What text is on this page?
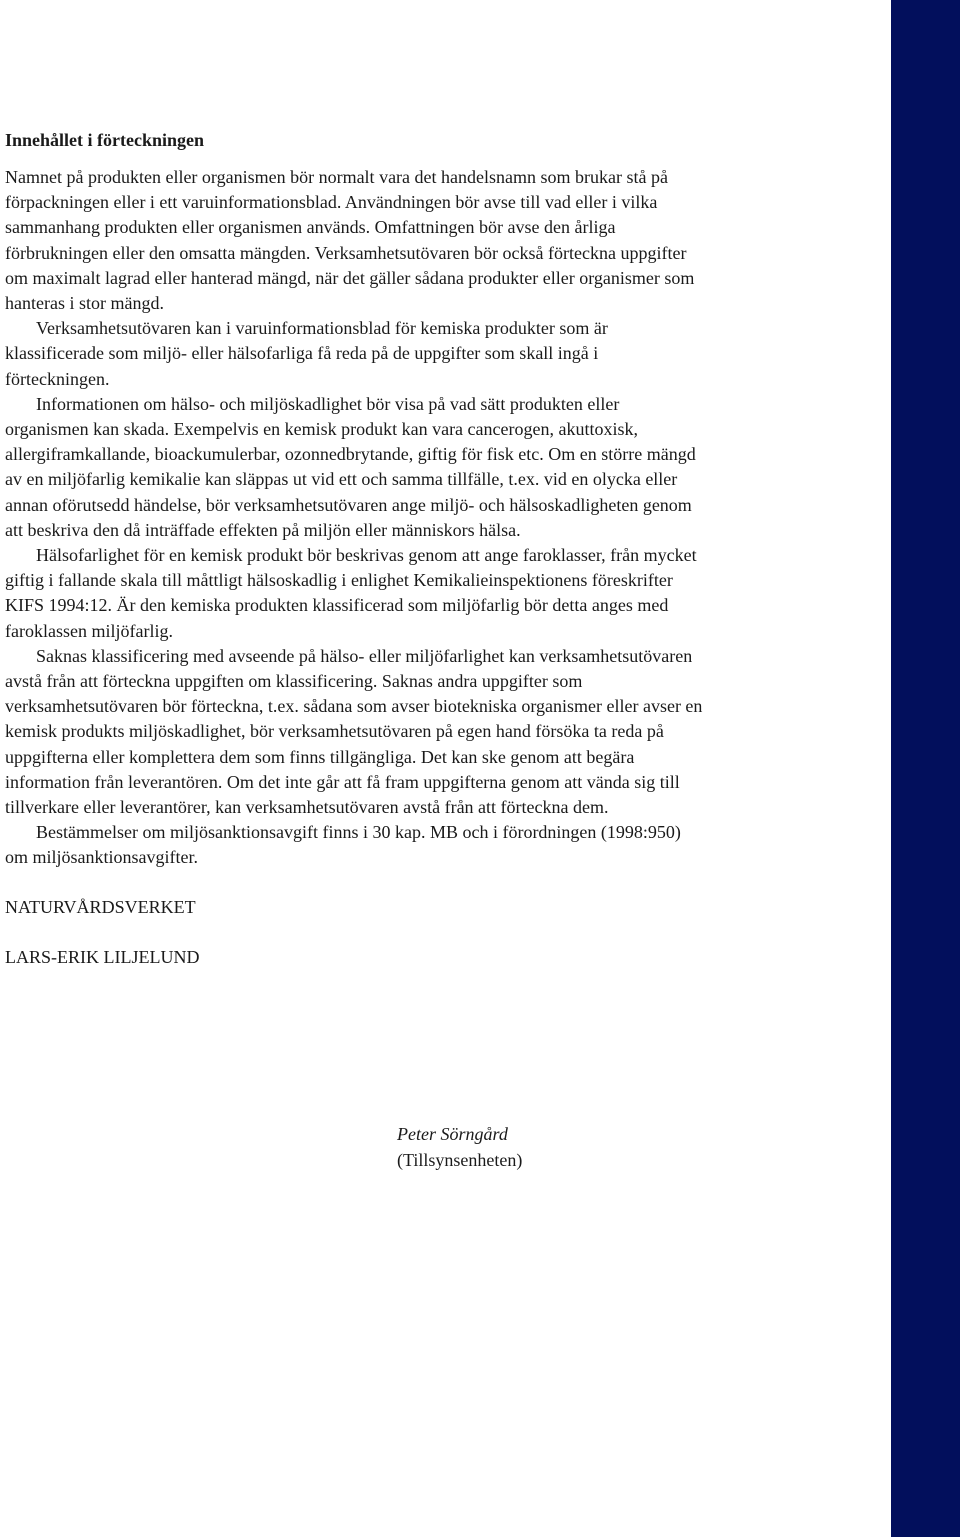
Innehållet i förteckningen

Namnet på produkten eller organismen bör normalt vara det handelsnamn som brukar stå på förpackningen eller i ett varuinformationsblad. Användningen bör avse till vad eller i vilka sammanhang produkten eller organismen används. Omfattningen bör avse den årliga förbrukningen eller den omsatta mängden. Verksamhetsutövaren bör också förteckna uppgifter om maximalt lagrad eller hanterad mängd, när det gäller sådana produkter eller organismer som hanteras i stor mängd.

Verksamhetsutövaren kan i varuinformationsblad för kemiska produkter som är klassificerade som miljö- eller hälsofarliga få reda på de uppgifter som skall ingå i förteckningen.

Informationen om hälso- och miljöskadlighet bör visa på vad sätt produkten eller organismen kan skada. Exempelvis en kemisk produkt kan vara cancerogen, akuttoxisk, allergiframkallande, bioackumulerbar, ozonnedbrytande, giftig för fisk etc. Om en större mängd av en miljöfarlig kemikalie kan släppas ut vid ett och samma tillfälle, t.ex. vid en olycka eller annan oförutsedd händelse, bör verksamhetsutövaren ange miljö- och hälsoskadligheten genom att beskriva den då inträffade effekten på miljön eller människors hälsa.

Hälsofarlighet för en kemisk produkt bör beskrivas genom att ange faroklasser, från mycket giftig i fallande skala till måttligt hälsoskadlig i enlighet Kemikalieinspektionens föreskrifter KIFS 1994:12. Är den kemiska produkten klassificerad som miljöfarlig bör detta anges med faroklassen miljöfarlig.

Saknas klassificering med avseende på hälso- eller miljöfarlighet kan verksamhetsutövaren avstå från att förteckna uppgiften om klassificering. Saknas andra uppgifter som verksamhetsutövaren bör förteckna, t.ex. sådana som avser biotekniska organismer eller avser en kemisk produkts miljöskadlighet, bör verksamhetsutövaren på egen hand försöka ta reda på uppgifterna eller komplettera dem som finns tillgängliga. Det kan ske genom att begära information från leverantören. Om det inte går att få fram uppgifterna genom att vända sig till tillverkare eller leverantörer, kan verksamhetsutövaren avstå från att förteckna dem.

Bestämmelser om miljösanktionsavgift finns i 30 kap. MB och i förordningen (1998:950) om miljösanktionsavgifter.

NATURVÅRDSVERKET
LARS-ERIK LILJELUND
Peter Sörngård
(Tillsynsenheten)
